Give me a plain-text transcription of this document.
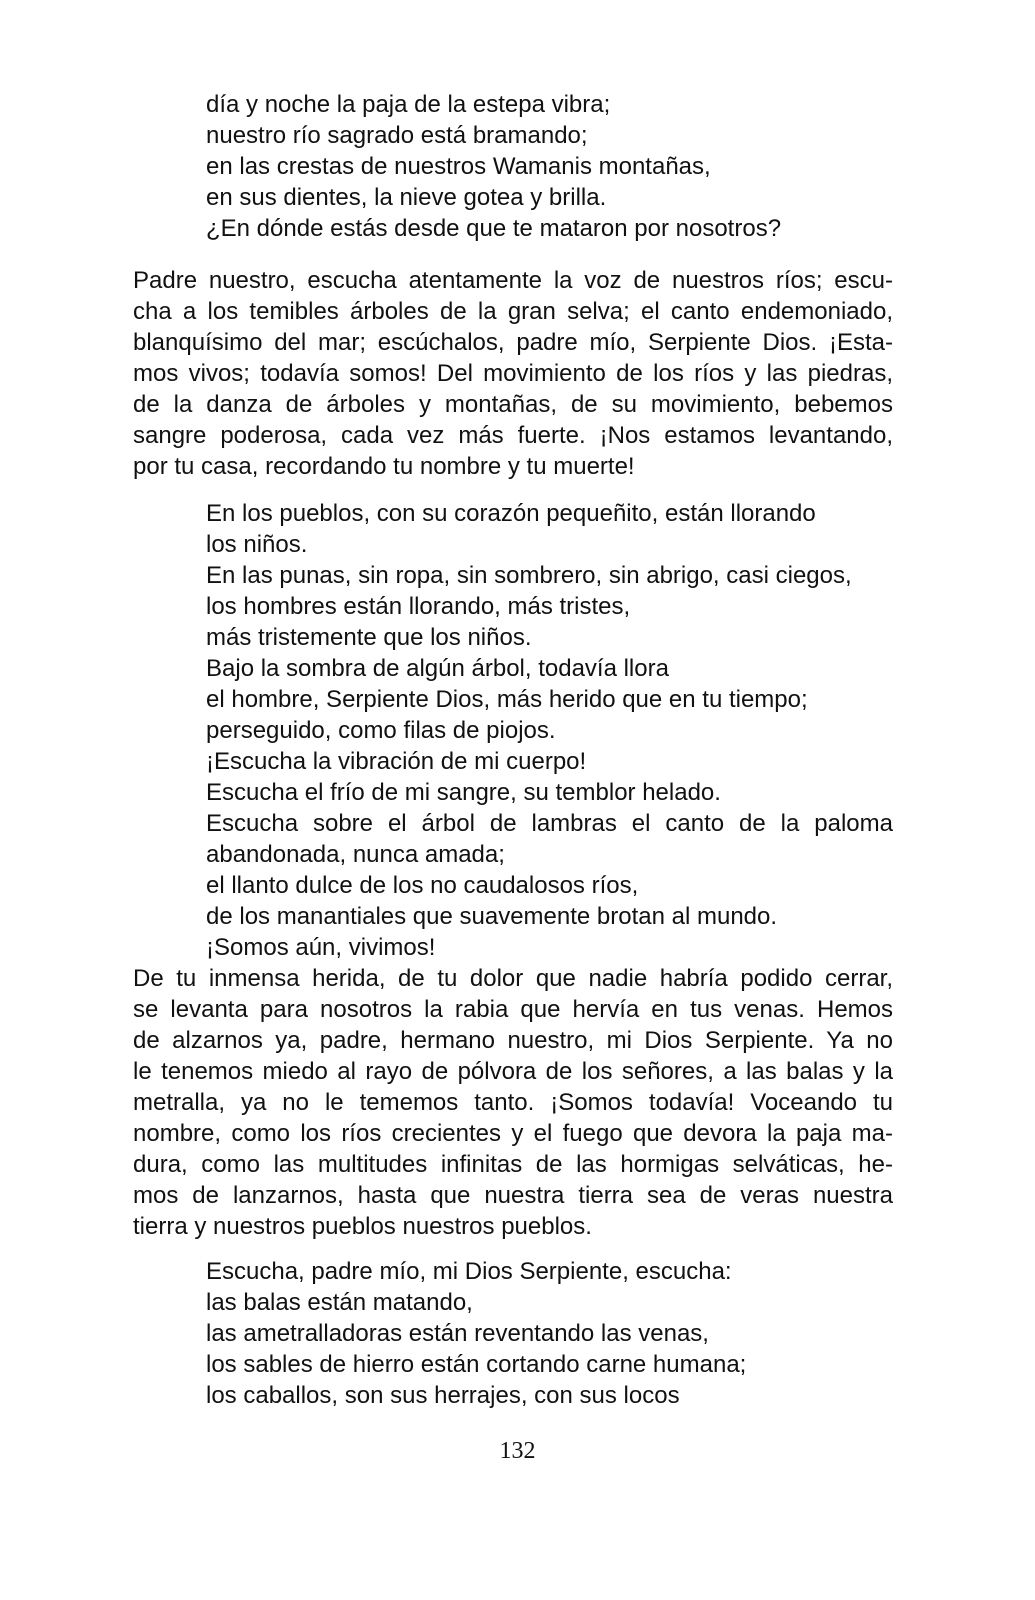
día y noche la paja de la estepa vibra;
nuestro río sagrado está bramando;
en las crestas de nuestros Wamanis montañas,
en sus dientes, la nieve gotea y brilla.
¿En dónde estás desde que te mataron por nosotros?
Padre nuestro, escucha atentamente la voz de nuestros ríos; escu-
cha a los temibles árboles de la gran selva; el canto endemoniado,
blanquísimo del mar; escúchalos, padre mío, Serpiente Dios. ¡Esta-
mos vivos; todavía somos! Del movimiento de los ríos y las piedras,
de la danza de árboles y montañas, de su movimiento, bebemos
sangre poderosa, cada vez más fuerte. ¡Nos estamos levantando,
por tu casa, recordando tu nombre y tu muerte!
En los pueblos, con su corazón pequeñito, están llorando
los niños.
En las punas, sin ropa, sin sombrero, sin abrigo, casi ciegos,
los hombres están llorando, más tristes,
más tristemente que los niños.
Bajo la sombra de algún árbol, todavía llora
el hombre, Serpiente Dios, más herido que en tu tiempo;
perseguido, como filas de piojos.
¡Escucha la vibración de mi cuerpo!
Escucha el frío de mi sangre, su temblor helado.
Escucha sobre el árbol de lambras el canto de la paloma
abandonada, nunca amada;
el llanto dulce de los no caudalosos ríos,
de los manantiales que suavemente brotan al mundo.
¡Somos aún, vivimos!
De tu inmensa herida, de tu dolor que nadie habría podido cerrar,
se levanta para nosotros la rabia que hervía en tus venas. Hemos
de alzarnos ya, padre, hermano nuestro, mi Dios Serpiente. Ya no
le tenemos miedo al rayo de pólvora de los señores, a las balas y la
metralla, ya no le tememos tanto. ¡Somos todavía! Voceando tu
nombre, como los ríos crecientes y el fuego que devora la paja ma-
dura, como las multitudes infinitas de las hormigas selváticas, he-
mos de lanzarnos, hasta que nuestra tierra sea de veras nuestra
tierra y nuestros pueblos nuestros pueblos.
Escucha, padre mío, mi Dios Serpiente, escucha:
las balas están matando,
las ametralladoras están reventando las venas,
los sables de hierro están cortando carne humana;
los caballos, son sus herrajes, con sus locos
132
